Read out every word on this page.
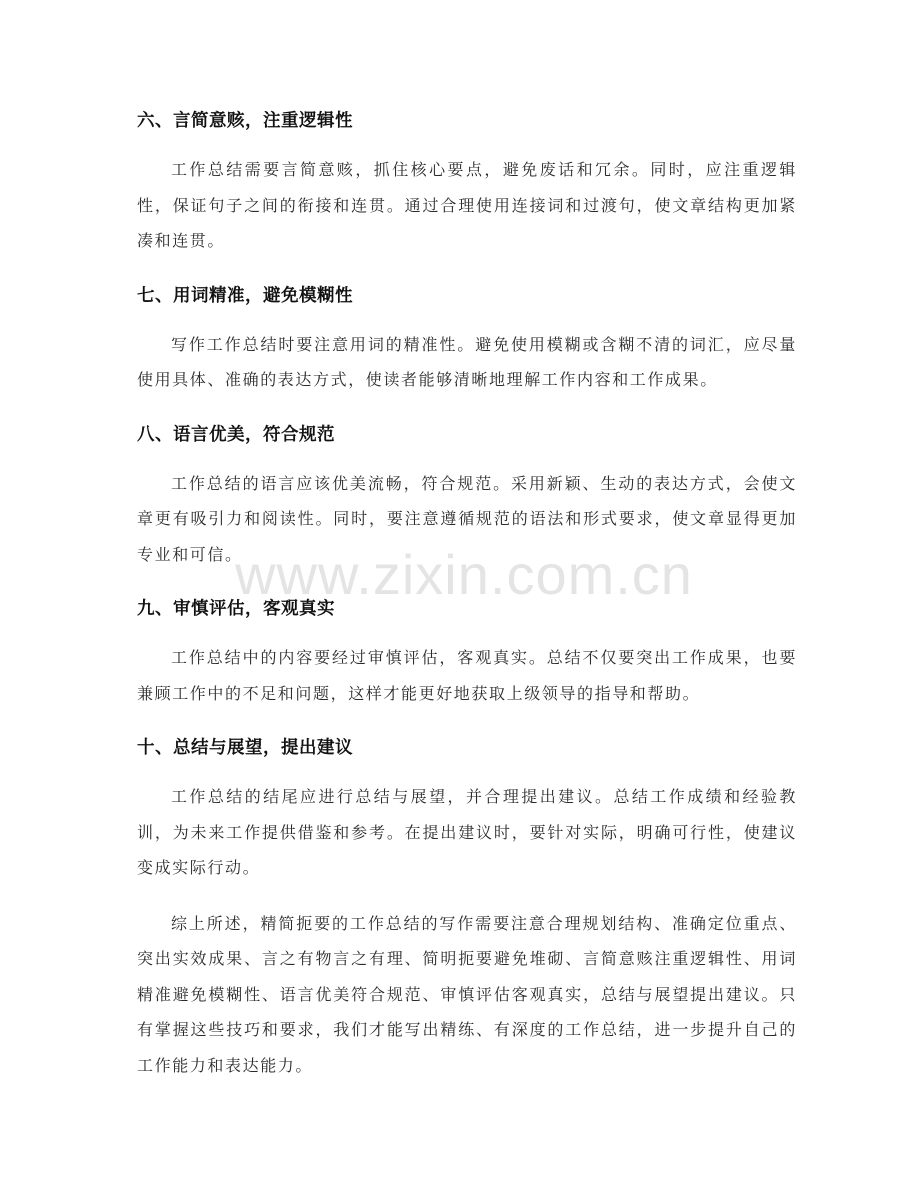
六、言简意赅，注重逻辑性

工作总结需要言简意赅，抓住核心要点，避免废话和冗余。同时，应注重逻辑性，保证句子之间的衔接和连贯。通过合理使用连接词和过渡句，使文章结构更加紧凑和连贯。

七、用词精准，避免模糊性

写作工作总结时要注意用词的精准性。避免使用模糊或含糊不清的词汇，应尽量使用具体、准确的表达方式，使读者能够清晰地理解工作内容和工作成果。

八、语言优美，符合规范

工作总结的语言应该优美流畅，符合规范。采用新颖、生动的表达方式，会使文章更有吸引力和阅读性。同时，要注意遵循规范的语法和形式要求，使文章显得更加专业和可信。

九、审慎评估，客观真实

工作总结中的内容要经过审慎评估，客观真实。总结不仅要突出工作成果，也要兼顾工作中的不足和问题，这样才能更好地获取上级领导的指导和帮助。

十、总结与展望，提出建议

工作总结的结尾应进行总结与展望，并合理提出建议。总结工作成绩和经验教训，为未来工作提供借鉴和参考。在提出建议时，要针对实际，明确可行性，使建议变成实际行动。

综上所述，精简扼要的工作总结的写作需要注意合理规划结构、准确定位重点、突出实效成果、言之有物言之有理、简明扼要避免堆砌、言简意赅注重逻辑性、用词精准避免模糊性、语言优美符合规范、审慎评估客观真实，总结与展望提出建议。只有掌握这些技巧和要求，我们才能写出精练、有深度的工作总结，进一步提升自己的工作能力和表达能力。

www.zixin.com.cn
